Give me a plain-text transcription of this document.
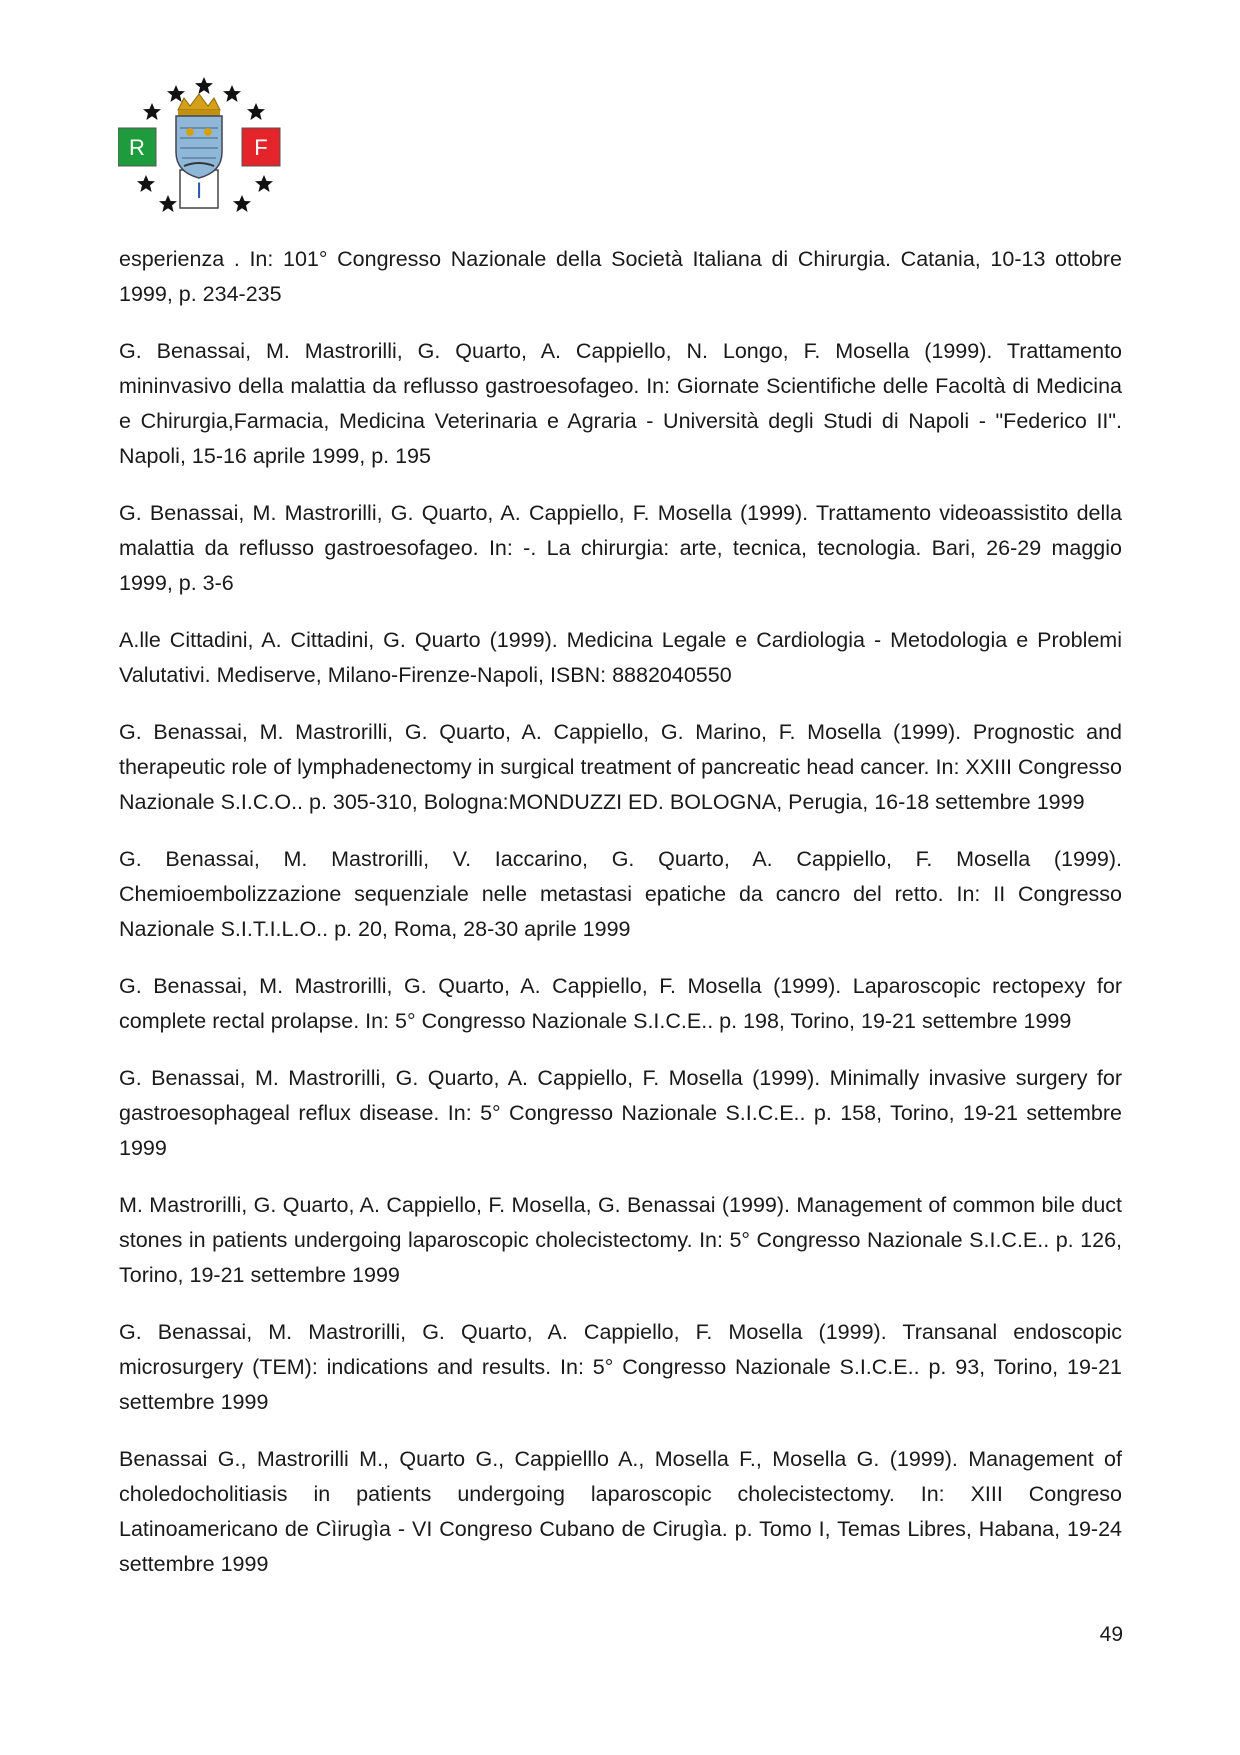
R	F
I

esperienza . In: 101° Congresso Nazionale della Società Italiana di Chirurgia. Catania, 10-13 ottobre 1999, p. 234-235

G. Benassai, M. Mastrorilli, G. Quarto, A. Cappiello, N. Longo, F. Mosella (1999). Trattamento mininvasivo della malattia da reflusso gastroesofageo. In: Giornate Scientifiche delle Facoltà di Medicina e Chirurgia,Farmacia, Medicina Veterinaria e Agraria - Università degli Studi di Napoli - "Federico II". Napoli, 15-16 aprile 1999, p. 195

G. Benassai, M. Mastrorilli, G. Quarto, A. Cappiello, F. Mosella (1999). Trattamento videoassistito della malattia da reflusso gastroesofageo. In: -. La chirurgia: arte, tecnica, tecnologia. Bari, 26-29 maggio 1999, p. 3-6

A.lle Cittadini, A. Cittadini, G. Quarto (1999). Medicina Legale e Cardiologia - Metodologia e Problemi Valutativi. Mediserve, Milano-Firenze-Napoli, ISBN: 8882040550

G. Benassai, M. Mastrorilli, G. Quarto, A. Cappiello, G. Marino, F. Mosella (1999). Prognostic and therapeutic role of lymphadenectomy in surgical treatment of pancreatic head cancer. In: XXIII Congresso Nazionale S.I.C.O.. p. 305-310, Bologna:MONDUZZI ED. BOLOGNA, Perugia, 16-18 settembre 1999

G. Benassai, M. Mastrorilli, V. Iaccarino, G. Quarto, A. Cappiello, F. Mosella (1999). Chemioembolizzazione sequenziale nelle metastasi epatiche da cancro del retto. In: II Congresso Nazionale S.I.T.I.L.O.. p. 20, Roma, 28-30 aprile 1999

G. Benassai, M. Mastrorilli, G. Quarto, A. Cappiello, F. Mosella (1999). Laparoscopic rectopexy for complete rectal prolapse. In: 5° Congresso Nazionale S.I.C.E.. p. 198, Torino, 19-21 settembre 1999

G. Benassai, M. Mastrorilli, G. Quarto, A. Cappiello, F. Mosella (1999). Minimally invasive surgery for gastroesophageal reflux disease. In: 5° Congresso Nazionale S.I.C.E.. p. 158, Torino, 19-21 settembre 1999

M. Mastrorilli, G. Quarto, A. Cappiello, F. Mosella, G. Benassai (1999). Management of common bile duct stones in patients undergoing laparoscopic cholecistectomy. In: 5° Congresso Nazionale S.I.C.E.. p. 126, Torino, 19-21 settembre 1999

G. Benassai, M. Mastrorilli, G. Quarto, A. Cappiello, F. Mosella (1999). Transanal endoscopic microsurgery (TEM): indications and results. In: 5° Congresso Nazionale S.I.C.E.. p. 93, Torino, 19-21 settembre 1999

Benassai G., Mastrorilli M., Quarto G., Cappielllo A., Mosella F., Mosella G. (1999). Management of choledocholitiasis in patients undergoing laparoscopic cholecistectomy. In: XIII Congreso Latinoamericano de Cìirugìa - VI Congreso Cubano de Cirugìa. p. Tomo I, Temas Libres, Habana, 19-24 settembre 1999

49
